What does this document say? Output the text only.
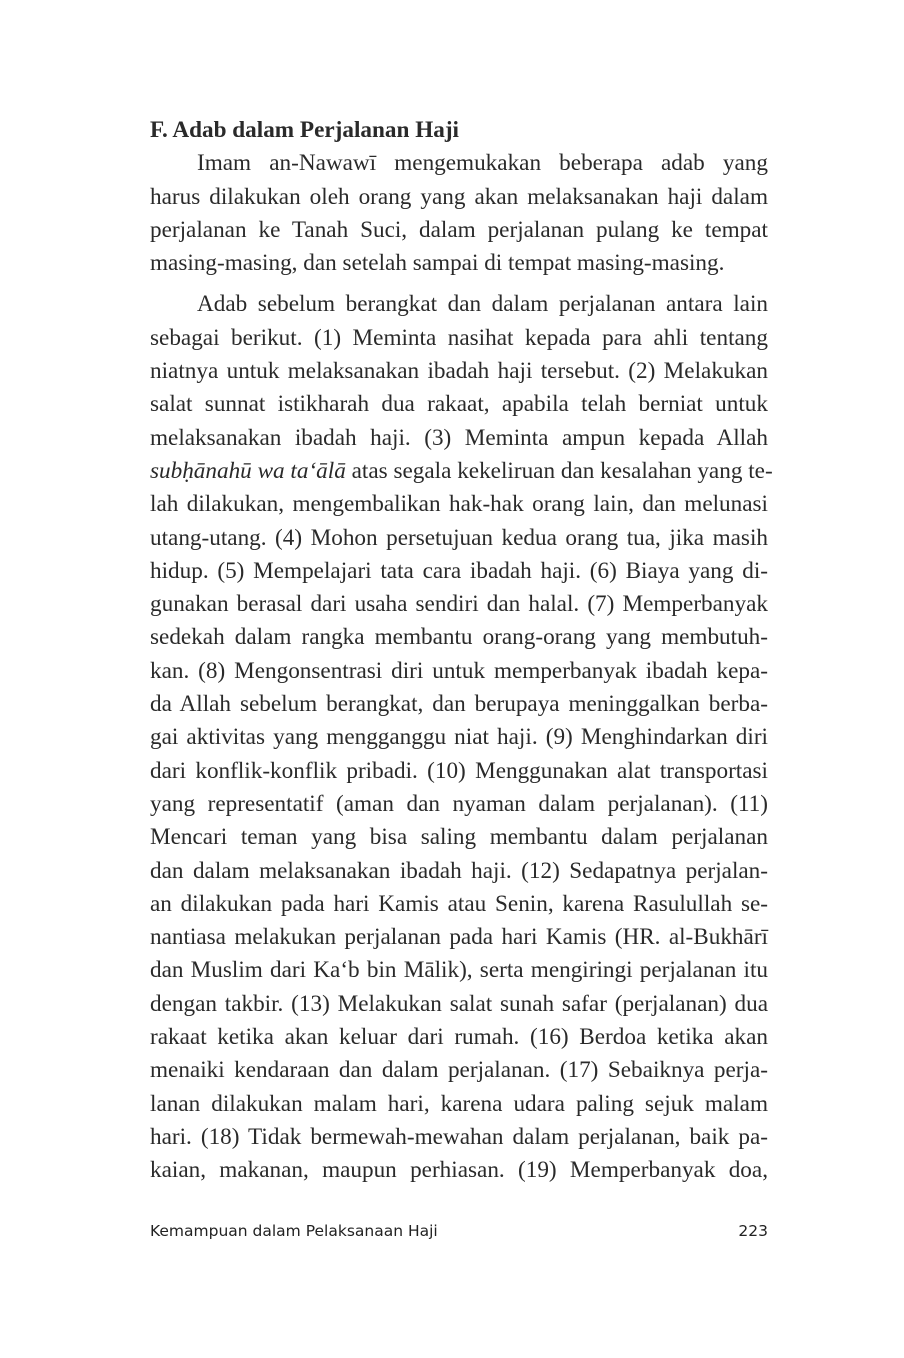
F. Adab dalam Perjalanan Haji
Imam an-Nawawī mengemukakan beberapa adab yang
harus dilakukan oleh orang yang akan melaksanakan haji dalam
perjalanan ke Tanah Suci, dalam perjalanan pulang ke tempat
masing-masing, dan setelah sampai di tempat masing-masing.
Adab sebelum berangkat dan dalam perjalanan antara lain
sebagai berikut. (1) Meminta nasihat kepada para ahli tentang
niatnya untuk melaksanakan ibadah haji tersebut. (2) Melakukan
salat sunnat istikharah dua rakaat, apabila telah berniat untuk
melaksanakan ibadah haji. (3) Meminta ampun kepada Allah
subḥānahū wa ta‘ālā atas segala kekeliruan dan kesalahan yang te-
lah dilakukan, mengembalikan hak-hak orang lain, dan melunasi
utang-utang. (4) Mohon persetujuan kedua orang tua, jika masih
hidup. (5) Mempelajari tata cara ibadah haji. (6) Biaya yang di-
gunakan berasal dari usaha sendiri dan halal. (7) Memperbanyak
sedekah dalam rangka membantu orang-orang yang membutuh-
kan. (8) Mengonsentrasi diri untuk memperbanyak ibadah kepa-
da Allah sebelum berangkat, dan berupaya meninggalkan berba-
gai aktivitas yang mengganggu niat haji. (9) Menghindarkan diri
dari konflik-konflik pribadi. (10) Menggunakan alat transportasi
yang representatif (aman dan nyaman dalam perjalanan). (11)
Mencari teman yang bisa saling membantu dalam perjalanan
dan dalam melaksanakan ibadah haji. (12) Sedapatnya perjalan-
an dilakukan pada hari Kamis atau Senin, karena Rasulullah se-
nantiasa melakukan perjalanan pada hari Kamis (HR. al-Bukhārī
dan Muslim dari Ka‘b bin Mālik), serta mengiringi perjalanan itu
dengan takbir. (13) Melakukan salat sunah safar (perjalanan) dua
rakaat ketika akan keluar dari rumah. (16) Berdoa ketika akan
menaiki kendaraan dan dalam perjalanan. (17) Sebaiknya perja-
lanan dilakukan malam hari, karena udara paling sejuk malam
hari. (18) Tidak bermewah-mewahan dalam perjalanan, baik pa-
kaian, makanan, maupun perhiasan. (19) Memperbanyak doa,
Kemampuan dalam Pelaksanaan Haji	223
